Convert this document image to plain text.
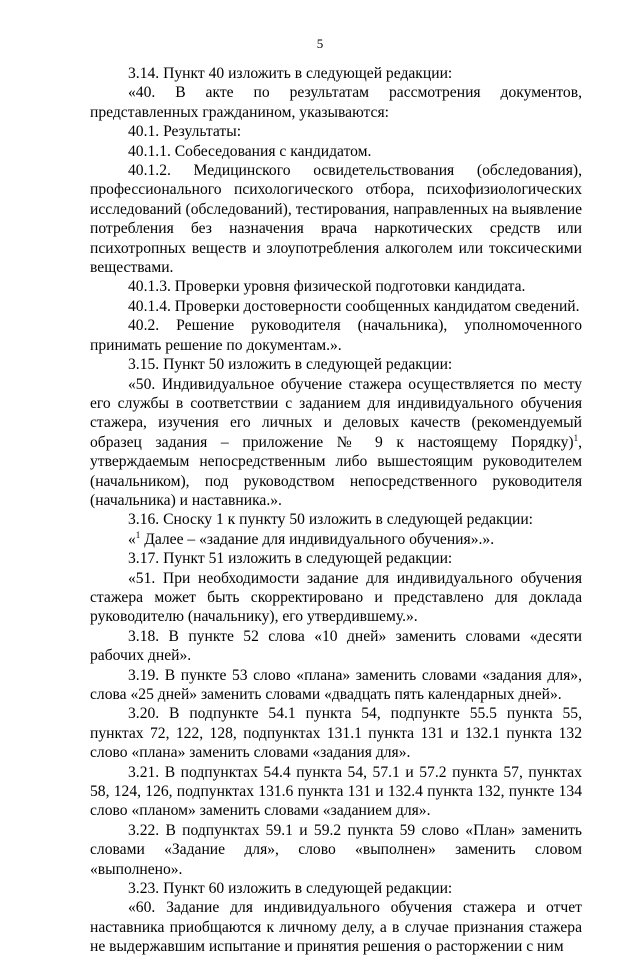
5

3.14. Пункт 40 изложить в следующей редакции:

«40. В акте по результатам рассмотрения документов, представленных гражданином, указываются:

40.1. Результаты:

40.1.1. Собеседования с кандидатом.

40.1.2. Медицинского освидетельствования (обследования), профессионального психологического отбора, психофизиологических исследований (обследований), тестирования, направленных на выявление потребления без назначения врача наркотических средств или психотропных веществ и злоупотребления алкоголем или токсическими веществами.

40.1.3. Проверки уровня физической подготовки кандидата.

40.1.4. Проверки достоверности сообщенных кандидатом сведений.

40.2. Решение руководителя (начальника), уполномоченного принимать решение по документам.».

3.15. Пункт 50 изложить в следующей редакции:

«50. Индивидуальное обучение стажера осуществляется по месту его службы в соответствии с заданием для индивидуального обучения стажера, изучения его личных и деловых качеств (рекомендуемый образец задания – приложение № 9 к настоящему Порядку)$^1$, утверждаемым непосредственным либо вышестоящим руководителем (начальником), под руководством непосредственного руководителя (начальника) и наставника.».

3.16. Сноску 1 к пункту 50 изложить в следующей редакции:

«$^1$ Далее – «задание для индивидуального обучения».».

3.17. Пункт 51 изложить в следующей редакции:

«51. При необходимости задание для индивидуального обучения стажера может быть скорректировано и представлено для доклада руководителю (начальнику), его утвердившему.».

3.18. В пункте 52 слова «10 дней» заменить словами «десяти рабочих дней».

3.19. В пункте 53 слово «плана» заменить словами «задания для», слова «25 дней» заменить словами «двадцать пять календарных дней».

3.20. В подпункте 54.1 пункта 54, подпункте 55.5 пункта 55, пунктах 72, 122, 128, подпунктах 131.1 пункта 131 и 132.1 пункта 132 слово «плана» заменить словами «задания для».

3.21. В подпунктах 54.4 пункта 54, 57.1 и 57.2 пункта 57, пунктах 58, 124, 126, подпунктах 131.6 пункта 131 и 132.4 пункта 132, пункте 134 слово «планом» заменить словами «заданием для».

3.22. В подпунктах 59.1 и 59.2 пункта 59 слово «План» заменить словами «Задание для», слово «выполнен» заменить словом «выполнено».

3.23. Пункт 60 изложить в следующей редакции:

«60. Задание для индивидуального обучения стажера и отчет наставника приобщаются к личному делу, а в случае признания стажера не выдержавшим испытание и принятия решения о расторжении с ним
